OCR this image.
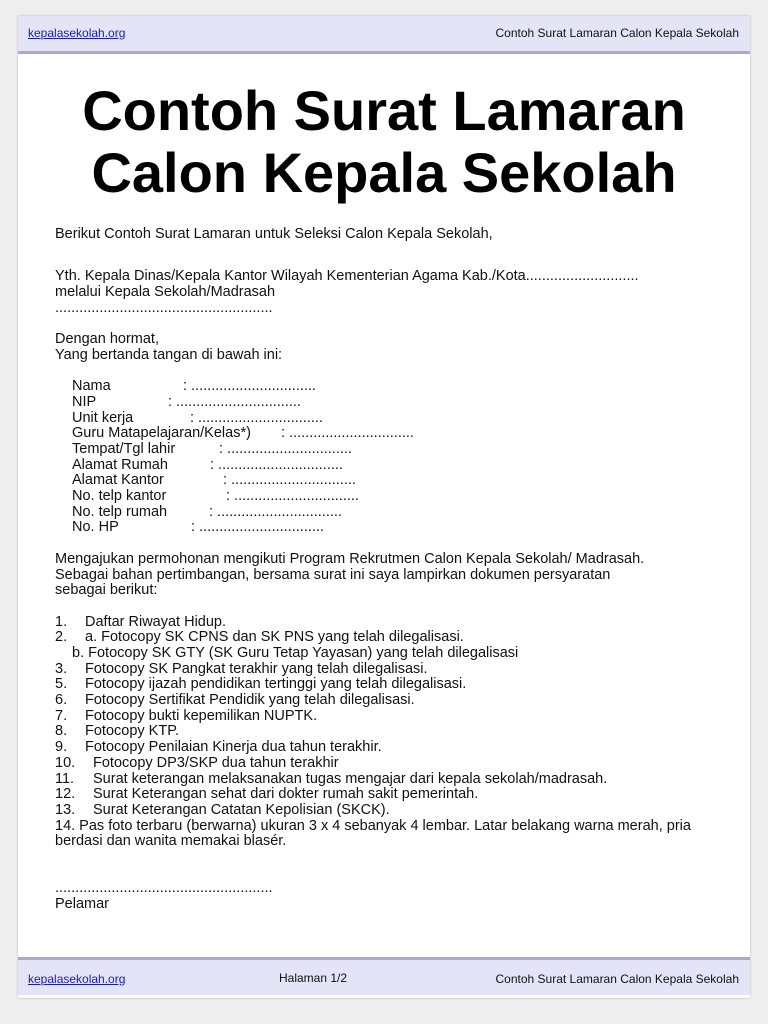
kepalasekolah.org	Contoh Surat Lamaran Calon Kepala Sekolah
Contoh Surat Lamaran
Calon Kepala Sekolah

Berikut Contoh Surat Lamaran untuk Seleksi Calon Kepala Sekolah,

Yth. Kepala Dinas/Kepala Kantor Wilayah Kementerian Agama Kab./Kota............................

melalui Kepala Sekolah/Madrasah

......................................................

Dengan hormat,

Yang bertanda tangan di bawah ini:

Nama	: ...............................
NIP	: ...............................
Unit kerja	: ...............................
Guru Matapelajaran/Kelas*) : ...............................
Tempat/Tgl lahir	: ...............................
Alamat Rumah	: ...............................
Alamat Kantor	: ...............................
No. telp kantor	: ...............................
No. telp rumah	: ...............................
No. HP	: ...............................

Mengajukan permohonan mengikuti Program Rekrutmen Calon Kepala Sekolah/ Madrasah.

Sebagai bahan pertimbangan, bersama surat ini saya lampirkan dokumen persyaratan

sebagai berikut:

1. Daftar Riwayat Hidup.
2. a. Fotocopy SK CPNS dan SK PNS yang telah dilegalisasi.
b. Fotocopy SK GTY (SK Guru Tetap Yayasan) yang telah dilegalisasi
3. Fotocopy SK Pangkat terakhir yang telah dilegalisasi.
5. Fotocopy ijazah pendidikan tertinggi yang telah dilegalisasi.
6. Fotocopy Sertifikat Pendidik yang telah dilegalisasi.
7. Fotocopy bukti kepemilikan NUPTK.
8. Fotocopy KTP.
9. Fotocopy Penilaian Kinerja dua tahun terakhir.
10. Fotocopy DP3/SKP dua tahun terakhir
11. Surat keterangan melaksanakan tugas mengajar dari kepala sekolah/madrasah.
12. Surat Keterangan sehat dari dokter rumah sakit pemerintah.
13. Surat Keterangan Catatan Kepolisian (SKCK).

14. Pas foto terbaru (berwarna) ukuran 3 x 4 sebanyak 4 lembar. Latar belakang warna merah, pria berdasi dan wanita memakai blasér.

......................................................

Pelamar

kepalasekolah.org	Halaman 1/2	Contoh Surat Lamaran Calon Kepala Sekolah
